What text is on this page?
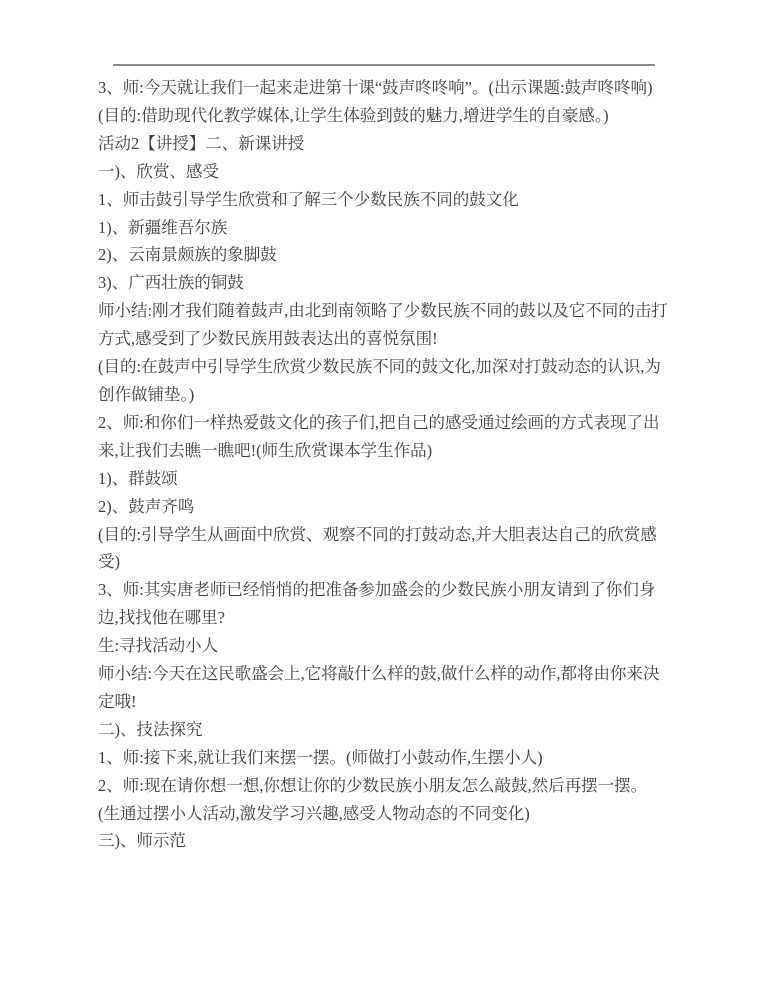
3、师:今天就让我们一起来走进第十课“鼓声咚咚响”。(出示课题:鼓声咚咚响)

(目的:借助现代化教学媒体,让学生体验到鼓的魅力,增进学生的自豪感。)

活动2【讲授】二、新课讲授

一)、欣赏、感受

1、师击鼓引导学生欣赏和了解三个少数民族不同的鼓文化

1)、新疆维吾尔族

2)、云南景颇族的象脚鼓

3)、广西壮族的铜鼓

师小结:刚才我们随着鼓声,由北到南领略了少数民族不同的鼓以及它不同的击打方式,感受到了少数民族用鼓表达出的喜悦氛围!

(目的:在鼓声中引导学生欣赏少数民族不同的鼓文化,加深对打鼓动态的认识,为创作做铺垫。)

2、师:和你们一样热爱鼓文化的孩子们,把自己的感受通过绘画的方式表现了出来,让我们去瞧一瞧吧!(师生欣赏课本学生作品)

1)、群鼓颂

2)、鼓声齐鸣

(目的:引导学生从画面中欣赏、观察不同的打鼓动态,并大胆表达自己的欣赏感受)

3、师:其实唐老师已经悄悄的把准备参加盛会的少数民族小朋友请到了你们身边,找找他在哪里?

生:寻找活动小人

师小结:今天在这民歌盛会上,它将敲什么样的鼓,做什么样的动作,都将由你来决定哦!

二)、技法探究

1、师:接下来,就让我们来摆一摆。(师做打小鼓动作,生摆小人)

2、师:现在请你想一想,你想让你的少数民族小朋友怎么敲鼓,然后再摆一摆。

(生通过摆小人活动,激发学习兴趣,感受人物动态的不同变化)

三)、师示范
